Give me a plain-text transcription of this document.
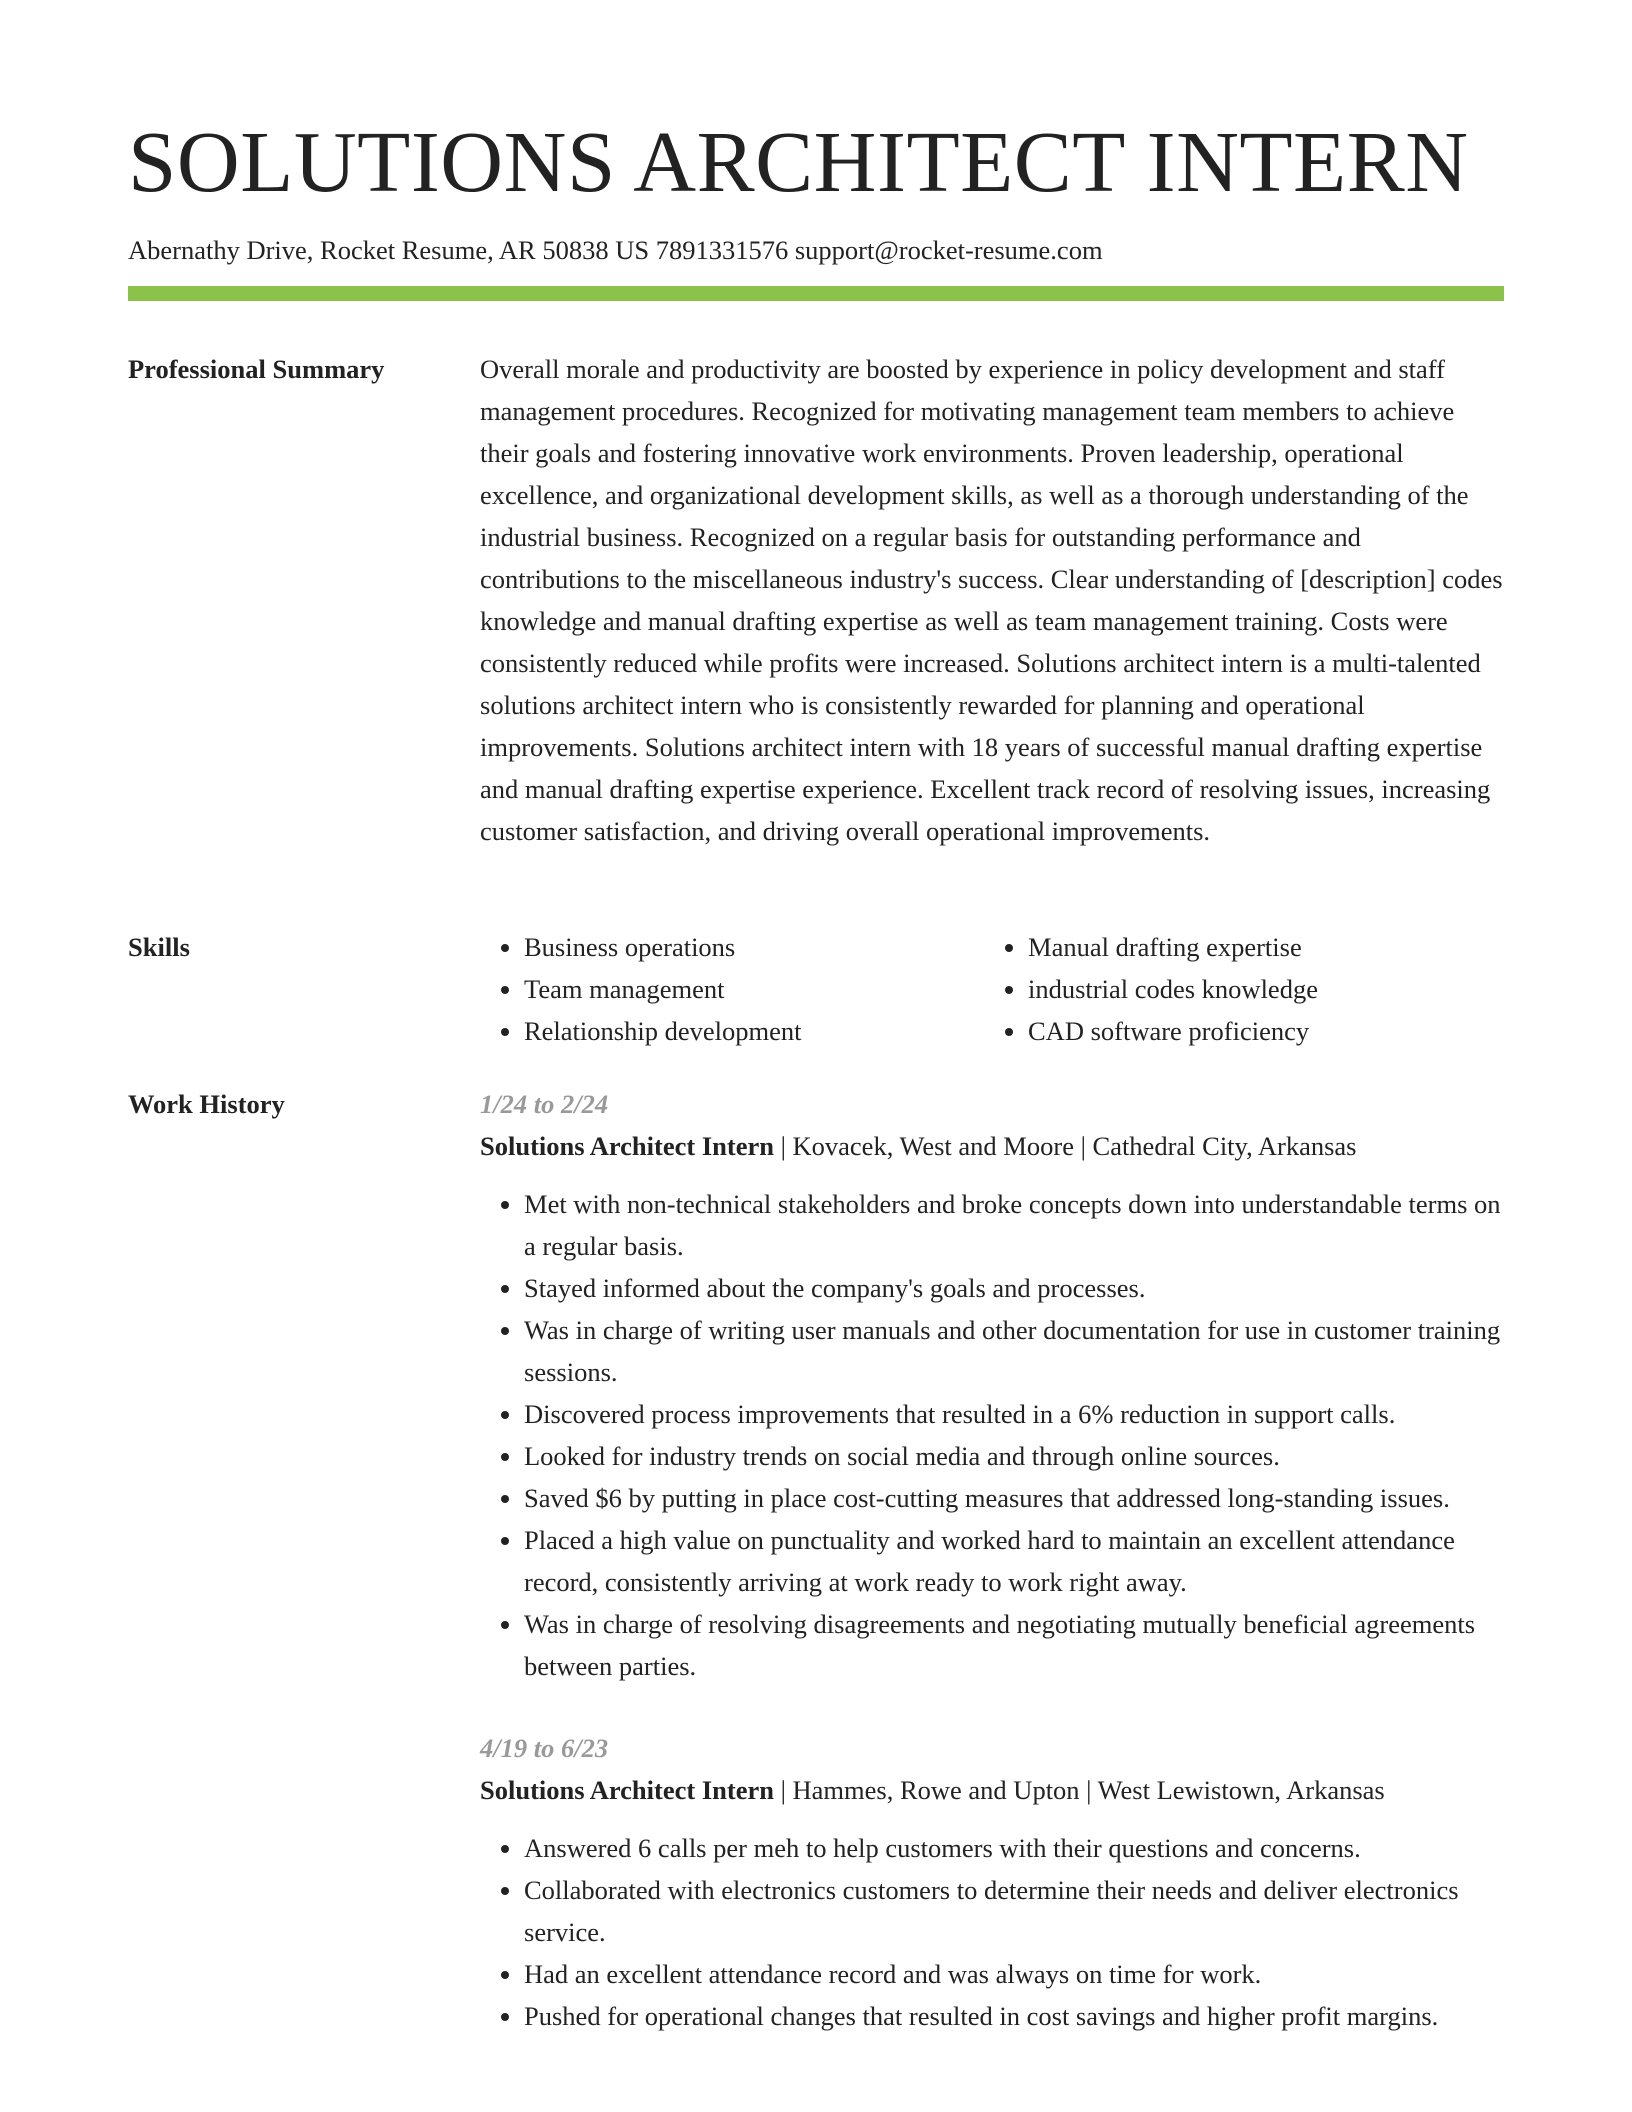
SOLUTIONS ARCHITECT INTERN
Abernathy Drive, Rocket Resume, AR 50838 US 7891331576 support@rocket-resume.com
Professional Summary	Overall morale and productivity are boosted by experience in policy development and staff management procedures. Recognized for motivating management team members to achieve their goals and fostering innovative work environments. Proven leadership, operational excellence, and organizational development skills, as well as a thorough understanding of the industrial business. Recognized on a regular basis for outstanding performance and contributions to the miscellaneous industry's success. Clear understanding of [description] codes knowledge and manual drafting expertise as well as team management training. Costs were consistently reduced while profits were increased. Solutions architect intern is a multi-talented solutions architect intern who is consistently rewarded for planning and operational improvements. Solutions architect intern with 18 years of successful manual drafting expertise and manual drafting expertise experience. Excellent track record of resolving issues, increasing customer satisfaction, and driving overall operational improvements.

Skills
•	Business operations
• Team management
• Relationship development
• Manual drafting expertise
• industrial codes knowledge
• CAD software proficiency
Work History	1/24 to 2/24
Solutions Architect Intern | Kovacek, West and Moore | Cathedral City, Arkansas
• Met with non-technical stakeholders and broke concepts down into understandable terms on a regular basis.
• Stayed informed about the company's goals and processes.
• Was in charge of writing user manuals and other documentation for use in customer training sessions.
• Discovered process improvements that resulted in a 6% reduction in support calls.
• Looked for industry trends on social media and through online sources.
• Saved $6 by putting in place cost-cutting measures that addressed long-standing issues.
• Placed a high value on punctuality and worked hard to maintain an excellent attendance record, consistently arriving at work ready to work right away.
• Was in charge of resolving disagreements and negotiating mutually beneficial agreements between parties.
4/19 to 6/23
Solutions Architect Intern | Hammes, Rowe and Upton | West Lewistown, Arkansas
• Answered 6 calls per meh to help customers with their questions and concerns.
• Collaborated with electronics customers to determine their needs and deliver electronics service.
• Had an excellent attendance record and was always on time for work.
• Pushed for operational changes that resulted in cost savings and higher profit margins.
